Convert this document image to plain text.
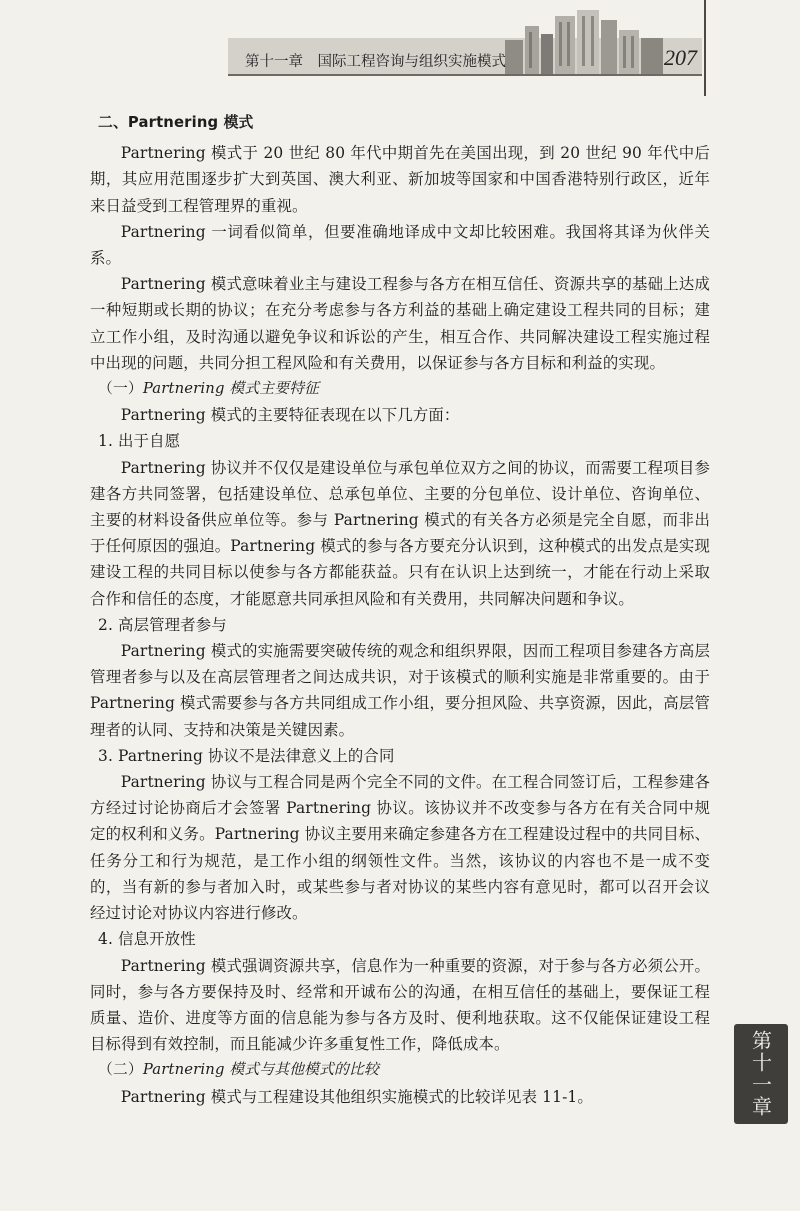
第十一章　国际工程咨询与组织实施模式	207

二、Partnering 模式

Partnering 模式于 20 世纪 80 年代中期首先在美国出现，到 20 世纪 90 年代中后期，其应用范围逐步扩大到英国、澳大利亚、新加坡等国家和中国香港特别行政区，近年来日益受到工程管理界的重视。

Partnering 一词看似简单，但要准确地译成中文却比较困难。我国将其译为伙伴关系。

Partnering 模式意味着业主与建设工程参与各方在相互信任、资源共享的基础上达成一种短期或长期的协议；在充分考虑参与各方利益的基础上确定建设工程共同的目标；建立工作小组，及时沟通以避免争议和诉讼的产生，相互合作、共同解决建设工程实施过程中出现的问题，共同分担工程风险和有关费用，以保证参与各方目标和利益的实现。

（一）Partnering 模式主要特征

Partnering 模式的主要特征表现在以下几方面：

1. 出于自愿

Partnering 协议并不仅仅是建设单位与承包单位双方之间的协议，而需要工程项目参建各方共同签署，包括建设单位、总承包单位、主要的分包单位、设计单位、咨询单位、主要的材料设备供应单位等。参与 Partnering 模式的有关各方必须是完全自愿，而非出于任何原因的强迫。Partnering 模式的参与各方要充分认识到，这种模式的出发点是实现建设工程的共同目标以使参与各方都能获益。只有在认识上达到统一，才能在行动上采取合作和信任的态度，才能愿意共同承担风险和有关费用，共同解决问题和争议。

2. 高层管理者参与

Partnering 模式的实施需要突破传统的观念和组织界限，因而工程项目参建各方高层管理者参与以及在高层管理者之间达成共识，对于该模式的顺利实施是非常重要的。由于 Partnering 模式需要参与各方共同组成工作小组，要分担风险、共享资源，因此，高层管理者的认同、支持和决策是关键因素。

3. Partnering 协议不是法律意义上的合同

Partnering 协议与工程合同是两个完全不同的文件。在工程合同签订后，工程参建各方经过讨论协商后才会签署 Partnering 协议。该协议并不改变参与各方在有关合同中规定的权利和义务。Partnering 协议主要用来确定参建各方在工程建设过程中的共同目标、任务分工和行为规范，是工作小组的纲领性文件。当然，该协议的内容也不是一成不变的，当有新的参与者加入时，或某些参与者对协议的某些内容有意见时，都可以召开会议经过讨论对协议内容进行修改。

4. 信息开放性

Partnering 模式强调资源共享，信息作为一种重要的资源，对于参与各方必须公开。同时，参与各方要保持及时、经常和开诚布公的沟通，在相互信任的基础上，要保证工程质量、造价、进度等方面的信息能为参与各方及时、便利地获取。这不仅能保证建设工程目标得到有效控制，而且能减少许多重复性工作，降低成本。

（二）Partnering 模式与其他模式的比较

Partnering 模式与工程建设其他组织实施模式的比较详见表 11-1。	第十一章
